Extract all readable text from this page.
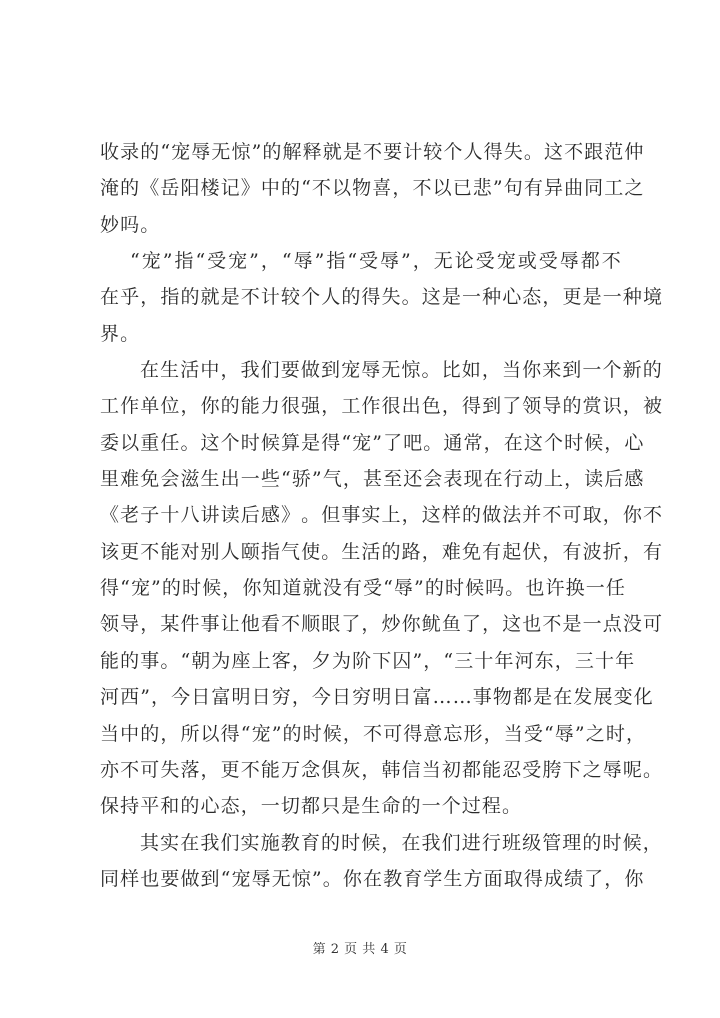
收 录 的 “ 宠 辱 无 惊 ” 的 解 释 就 是 不 要 计 较 个 人 得 失 。 这 不 跟 范 仲
淹 的 《 岳 阳 楼 记 》 中 的 “ 不 以 物 喜 ， 不 以 已 悲 ” 句 有 异 曲 同 工 之
妙吗。
“ 宠 ” 指 “ 受 宠 ” ， “ 辱 ” 指 “ 受 辱 ” ， 无 论 受 宠 或 受 辱 都 不
在 乎 ， 指 的 就 是 不 计 较 个 人 的 得 失 。 这 是 一 种 心 态 ， 更 是 一 种 境
界。
在 生 活 中 ， 我 们 要 做 到 宠 辱 无 惊 。 比 如 ， 当 你 来 到 一 个 新 的
工 作 单 位 ， 你 的 能 力 很 强 ， 工 作 很 出 色 ， 得 到 了 领 导 的 赏 识 ， 被
委 以 重 任 。 这 个 时 候 算 是 得 “ 宠 ” 了 吧 。 通 常 ， 在 这 个 时 候 ， 心
里 难 免 会 滋 生 出 一 些 “ 骄 ” 气 ， 甚 至 还 会 表 现 在 行 动 上 ， 读 后 感
《 老 子 十 八 讲 读 后 感 》 。 但 事 实 上 ， 这 样 的 做 法 并 不 可 取 ， 你 不
该 更 不 能 对 别 人 颐 指 气 使 。 生 活 的 路 ， 难 免 有 起 伏 ， 有 波 折 ， 有
得 “ 宠 ” 的 时 候 ， 你 知 道 就 没 有 受 “ 辱 ” 的 时 候 吗 。 也 许 换 一 任
领 导 ， 某 件 事 让 他 看 不 顺 眼 了 ， 炒 你 鱿 鱼 了 ， 这 也 不 是 一 点 没 可
能 的 事 。 “ 朝 为 座 上 客 ， 夕 为 阶 下 囚 ” ， “ 三 十 年 河 东 ， 三 十 年
河 西 ” ， 今 日 富 明 日 穷 ， 今 日 穷 明 日 富 … … 事 物 都 是 在 发 展 变 化
当 中 的 ， 所 以 得 “ 宠 ” 的 时 候 ， 不 可 得 意 忘 形 ， 当 受 “ 辱 ” 之 时 ，
亦 不 可 失 落 ， 更 不 能 万 念 俱 灰 ， 韩 信 当 初 都 能 忍 受 胯 下 之 辱 呢 。
保持平和的心态，一切都只是生命的一个过程。
其 实 在 我 们 实 施 教 育 的 时 候 ， 在 我 们 进 行 班 级 管 理 的 时 候 ，
同 样 也 要 做 到 “ 宠 辱 无 惊 ” 。 你 在 教 育 学 生 方 面 取 得 成 绩 了 ， 你
第 2 页 共 4 页
